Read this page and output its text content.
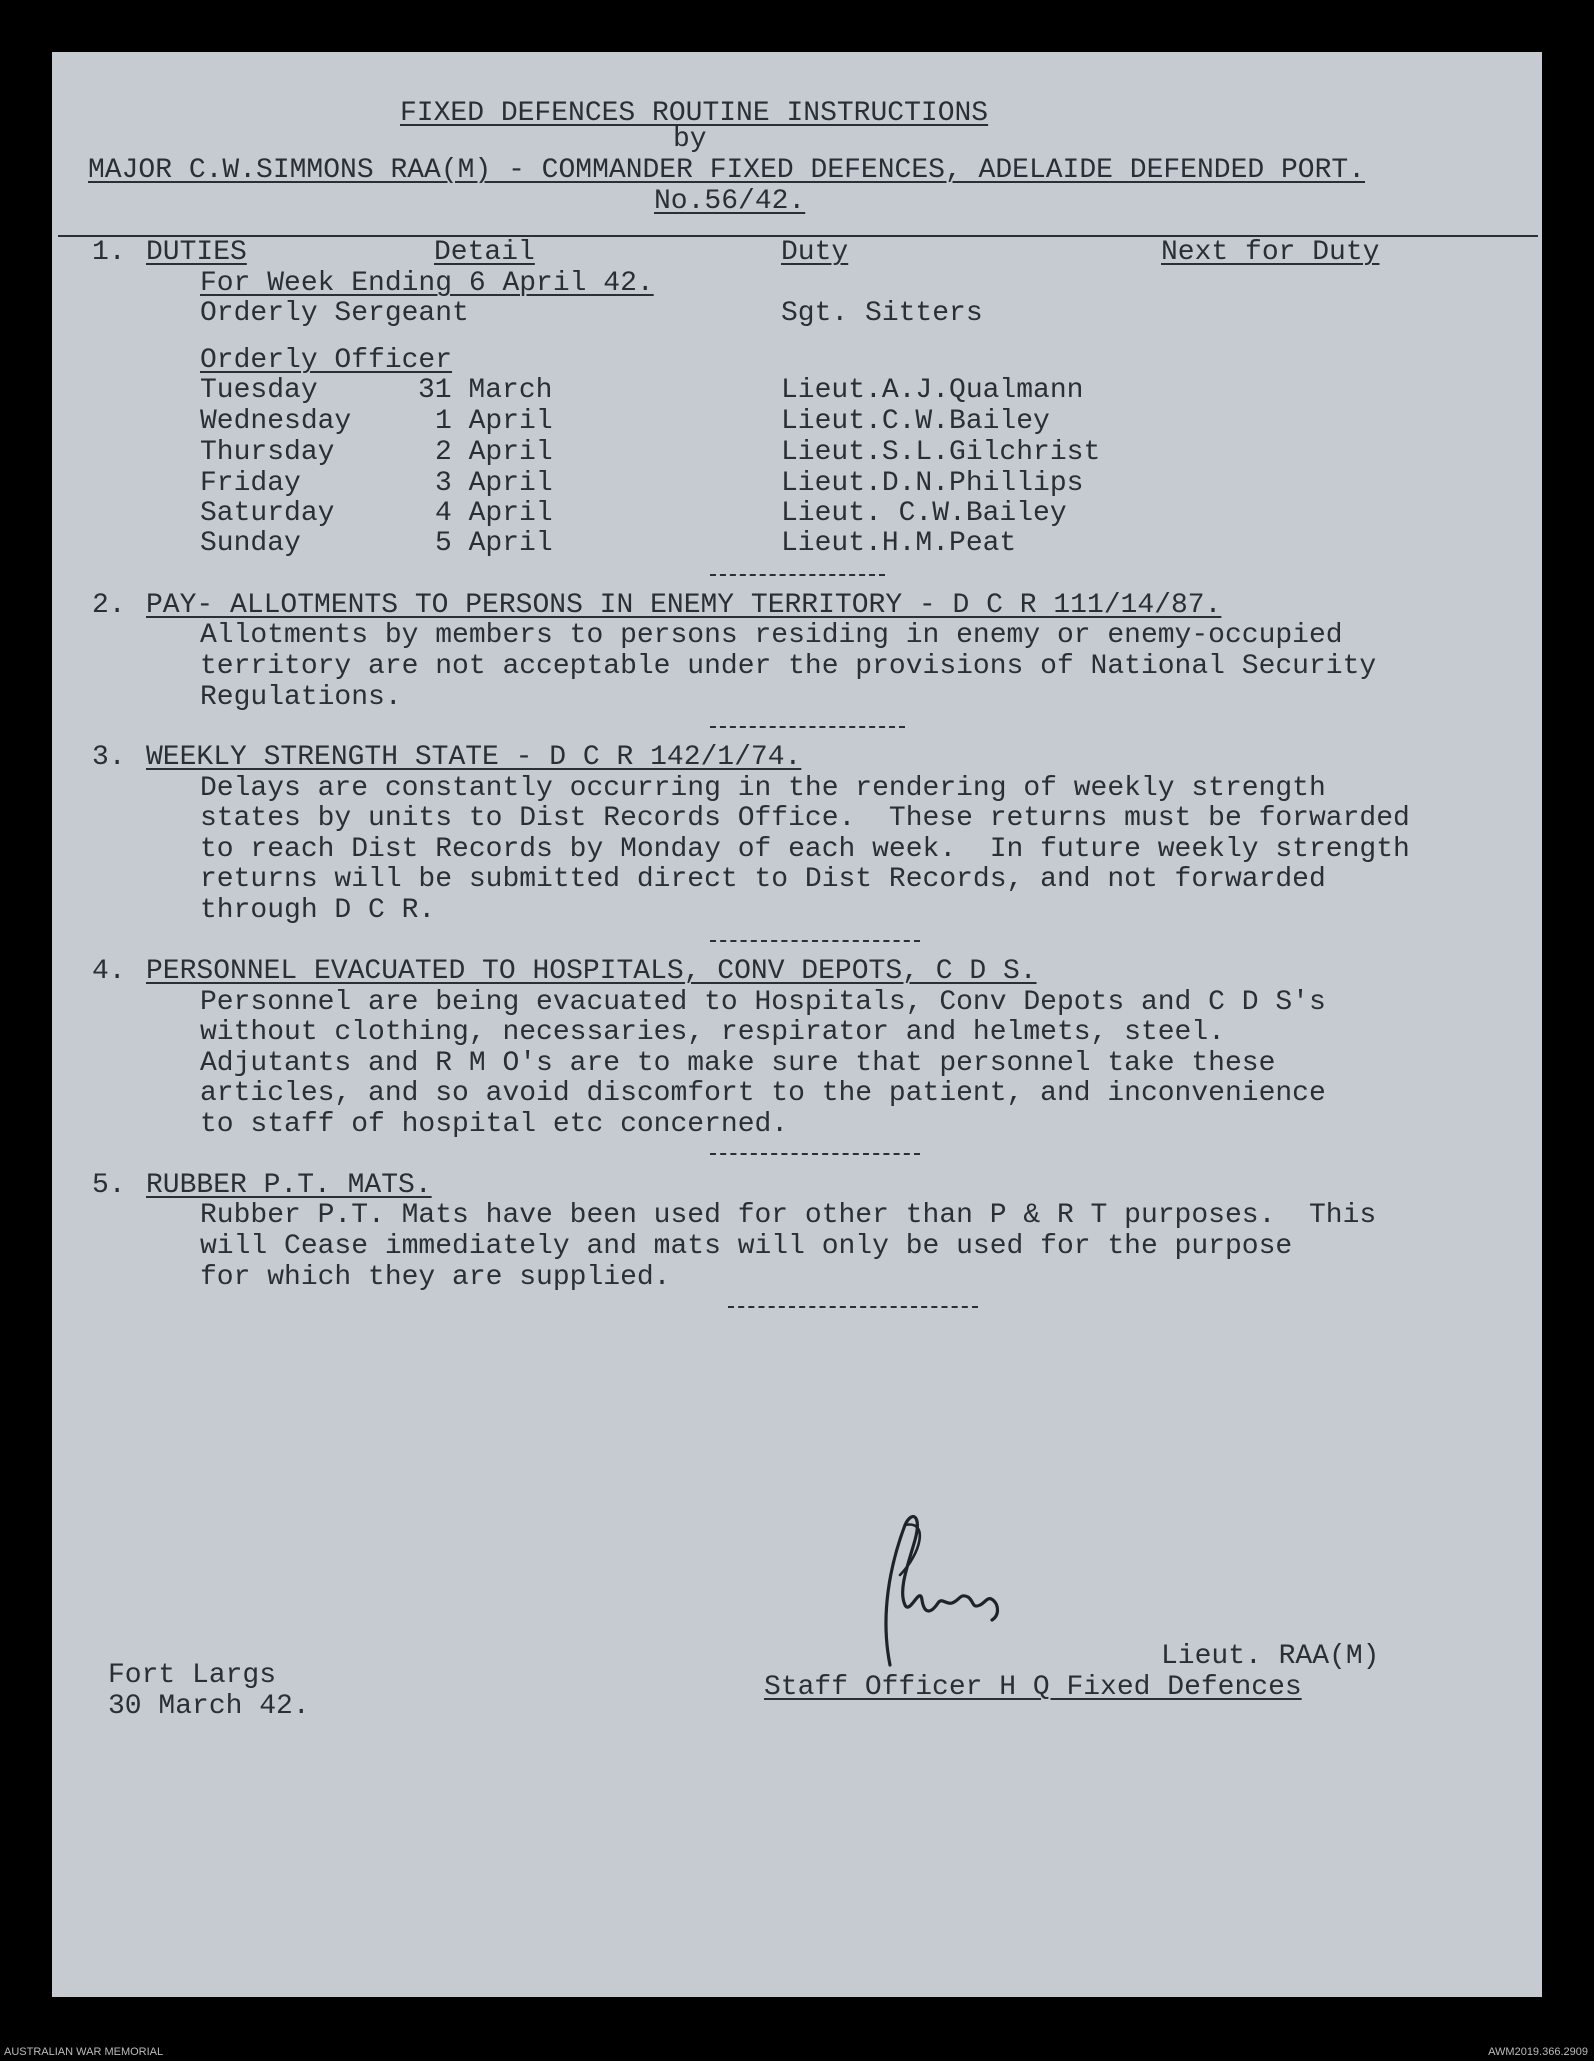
FIXED DEFENCES ROUTINE INSTRUCTIONS

by

MAJOR C.W.SIMMONS RAA(M) - COMMANDER FIXED DEFENCES, ADELAIDE DEFENDED PORT.

No.56/42.

1. DUTIES	Detail	Duty	Next for Duty

For Week Ending 6 April 42.

Orderly Sergeant	Sgt. Sitters

Orderly Officer

Tuesday	31 March	Lieut.A.J.Qualmann

Wednesday	1 April	Lieut.C.W.Bailey

Thursday	2 April	Lieut.S.L.Gilchrist

Friday	3 April	Lieut.D.N.Phillips

Saturday	4 April	Lieut. C.W.Bailey

Sunday	5 April	Lieut.H.M.Peat

2. PAY- ALLOTMENTS TO PERSONS IN ENEMY TERRITORY - D C R 111/14/87.

Allotments by members to persons residing in enemy or enemy-occupied

territory are not acceptable under the provisions of National Security

Regulations.

3. WEEKLY STRENGTH STATE - D C R 142/1/74.

Delays are constantly occurring in the rendering of weekly strength

states by units to Dist Records Office.  These returns must be forwarded

to reach Dist Records by Monday of each week.  In future weekly strength

returns will be submitted direct to Dist Records, and not forwarded

through D C R.

4. PERSONNEL EVACUATED TO HOSPITALS, CONV DEPOTS, C D S.

Personnel are being evacuated to Hospitals, Conv Depots and C D S's

without clothing, necessaries, respirator and helmets, steel.

Adjutants and R M O's are to make sure that personnel take these

articles, and so avoid discomfort to the patient, and inconvenience

to staff of hospital etc concerned.

5. RUBBER P.T. MATS.

Rubber P.T. Mats have been used for other than P & R T purposes.  This

will Cease immediately and mats will only be used for the purpose

for which they are supplied.

Lieut. RAA(M)

Fort Largs	Staff Officer H Q Fixed Defences

30 March 42.

AUSTRALIAN WAR MEMORIAL	AWM2019.366.2909
